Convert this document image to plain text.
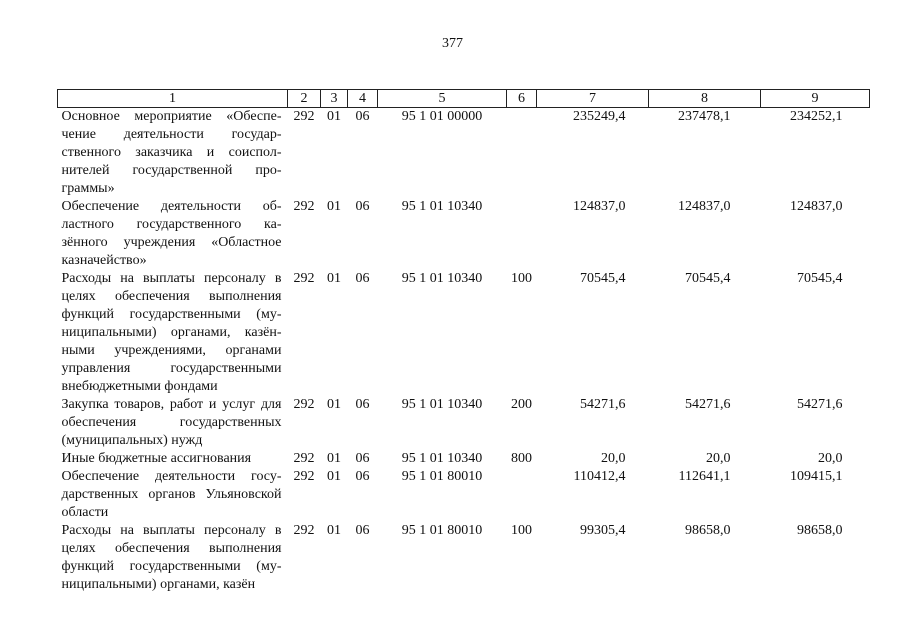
377
1	2	3	4	5	6	7	8	9
Основное мероприятие «Обеспечение деятельности государственного заказчика и соисполнителей государственной программы»	292	01	06	95 1 01 00000		235249,4	237478,1	234252,1
Обеспечение деятельности областного государственного казённого учреждения «Областное казначейство»	292	01	06	95 1 01 10340		124837,0	124837,0	124837,0
Расходы на выплаты персоналу в целях обеспечения выполнения функций государственными (муниципальными) органами, казёнными учреждениями, органами управления государственными внебюджетными фондами	292	01	06	95 1 01 10340	100	70545,4	70545,4	70545,4
Закупка товаров, работ и услуг для обеспечения государственных (муниципальных) нужд	292	01	06	95 1 01 10340	200	54271,6	54271,6	54271,6
Иные бюджетные ассигнования	292	01	06	95 1 01 10340	800	20,0	20,0	20,0
Обеспечение деятельности государственных органов Ульяновской области	292	01	06	95 1 01 80010		110412,4	112641,1	109415,1
Расходы на выплаты персоналу в целях обеспечения выполнения функций государственными (муниципальными) органами, казён	292	01	06	95 1 01 80010	100	99305,4	98658,0	98658,0
